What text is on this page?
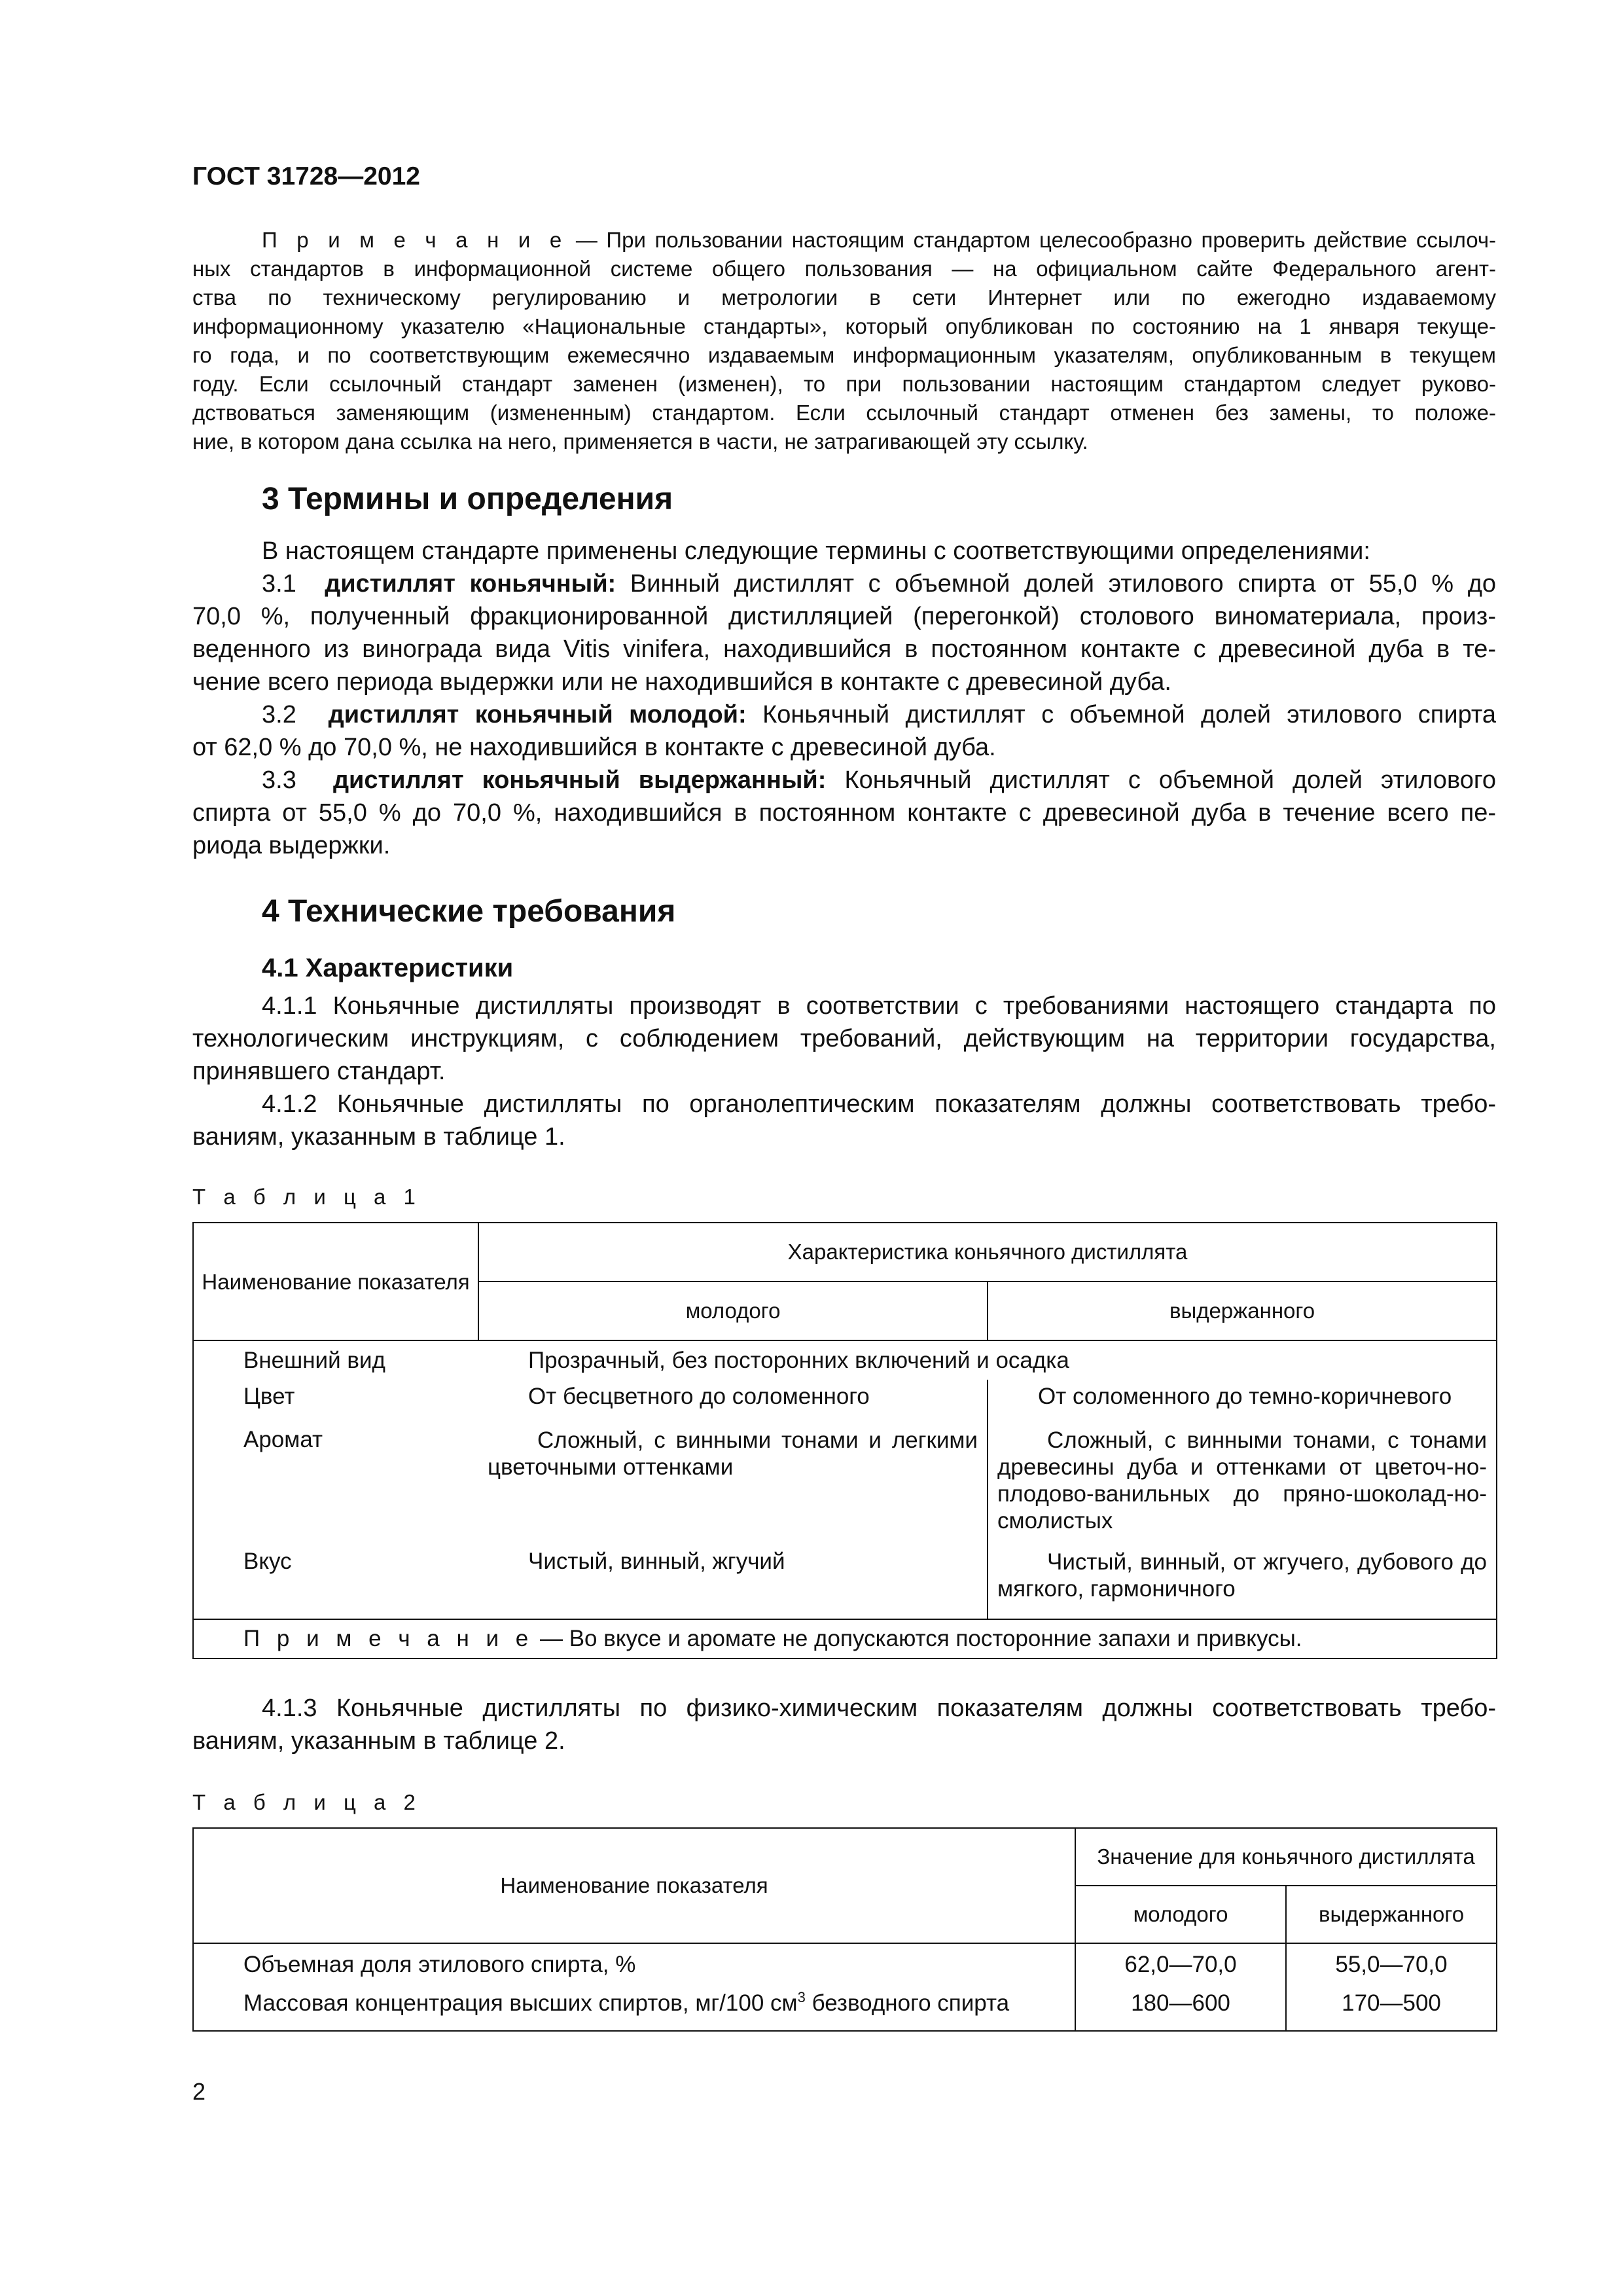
ГОСТ 31728—2012
П р и м е ч а н и е — При пользовании настоящим стандартом целесообразно проверить действие ссылоч-
ных стандартов в информационной системе общего пользования — на официальном сайте Федерального агент-
ства по техническому регулированию и метрологии в сети Интернет или по ежегодно издаваемому
информационному указателю «Национальные стандарты», который опубликован по состоянию на 1 января текуще-
го года, и по соответствующим ежемесячно издаваемым информационным указателям, опубликованным в текущем
году. Если ссылочный стандарт заменен (изменен), то при пользовании настоящим стандартом следует руково-
дствоваться заменяющим (измененным) стандартом. Если ссылочный стандарт отменен без замены, то положе-
ние, в котором дана ссылка на него, применяется в части, не затрагивающей эту ссылку.
3 Термины и определения
В настоящем стандарте применены следующие термины с соответствующими определениями:
3.1 дистиллят коньячный: Винный дистиллят с объемной долей этилового спирта от 55,0 % до
70,0 %, полученный фракционированной дистилляцией (перегонкой) столового виноматериала, произ-
веденного из винограда вида Vitis vinifera, находившийся в постоянном контакте с древесиной дуба в те-
чение всего периода выдержки или не находившийся в контакте с древесиной дуба.
3.2 дистиллят коньячный молодой: Коньячный дистиллят с объемной долей этилового спирта
от 62,0 % до 70,0 %, не находившийся в контакте с древесиной дуба.
3.3 дистиллят коньячный выдержанный: Коньячный дистиллят с объемной долей этилового
спирта от 55,0 % до 70,0 %, находившийся в постоянном контакте с древесиной дуба в течение всего пе-
риода выдержки.
4 Технические требования
4.1 Характеристики
4.1.1 Коньячные дистилляты производят в соответствии с требованиями настоящего стандарта по
технологическим инструкциям, с соблюдением требований, действующим на территории государства,
принявшего стандарт.
4.1.2 Коньячные дистилляты по органолептическим показателям должны соответствовать требо-
ваниям, указанным в таблице 1.
Т а б л и ц а 1
Наименование показателя	Характеристика коньячного дистиллята	
	молодого	выдержанного
Внешний вид	Прозрачный, без посторонних включений и осадка	
Цвет	От бесцветного до соломенного	От соломенного до темно-коричневого
Аромат	Сложный, с винными тонами и легкими цветочными оттенками	Сложный, с винными тонами, с тонами древесины дуба и оттенками от цветоч-но-плодово-ванильных до пряно-шоколад-но-смолистых

Вкус	Чистый, винный, жгучий	Чистый, винный, от жгучего, дубового до мягкого, гармоничного

П р и м е ч а н и е — Во вкусе и аромате не допускаются посторонние запахи и привкусы.		
4.1.3 Коньячные дистилляты по физико-химическим показателям должны соответствовать требо-
ваниям, указанным в таблице 2.
Т а б л и ц а 2
Наименование показателя	Значение для коньячного дистиллята	
	молодого	выдержанного
Объемная доля этилового спирта, %	62,0—70,0	55,0—70,0
Массовая концентрация высших спиртов, мг/100 $см^3$ безводного спирта	180—600	170—500
2
